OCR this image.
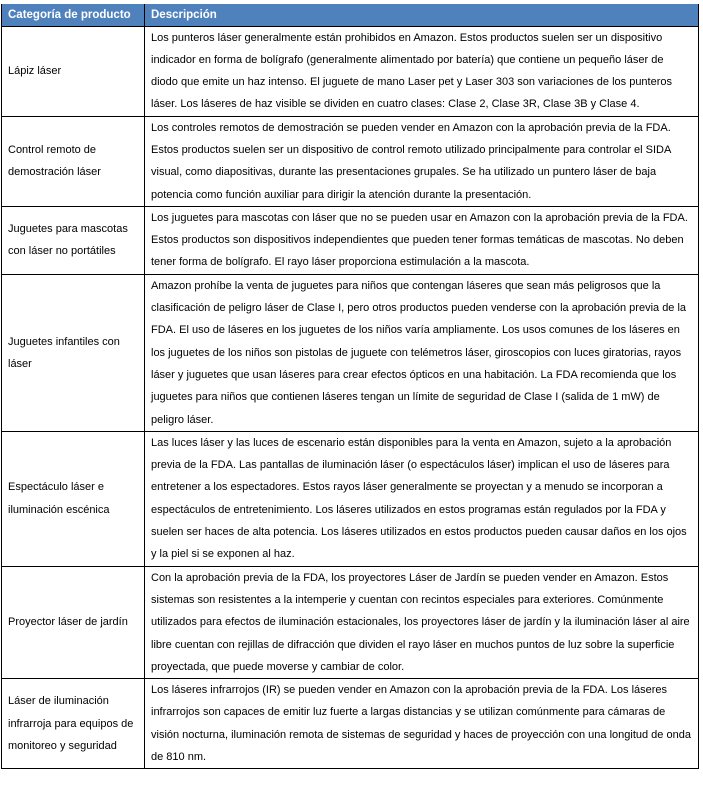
Categoría de producto	Descripción
Lápiz láser	Los punteros láser generalmente están prohibidos en Amazon. Estos productos suelen ser un dispositivo indicador en forma de bolígrafo (generalmente alimentado por batería) que contiene un pequeño láser de diodo que emite un haz intenso. El juguete de mano Laser pet y Laser 303 son variaciones de los punteros láser. Los láseres de haz visible se dividen en cuatro clases: Clase 2, Clase 3R, Clase 3B y Clase 4.
Control remoto de demostración láser	Los controles remotos de demostración se pueden vender en Amazon con la aprobación previa de la FDA. Estos productos suelen ser un dispositivo de control remoto utilizado principalmente para controlar el SIDA visual, como diapositivas, durante las presentaciones grupales. Se ha utilizado un puntero láser de baja potencia como función auxiliar para dirigir la atención durante la presentación.
Juguetes para mascotas con láser no portátiles	Los juguetes para mascotas con láser que no se pueden usar en Amazon con la aprobación previa de la FDA. Estos productos son dispositivos independientes que pueden tener formas temáticas de mascotas. No deben tener forma de bolígrafo. El rayo láser proporciona estimulación a la mascota.
Juguetes infantiles con láser	Amazon prohíbe la venta de juguetes para niños que contengan láseres que sean más peligrosos que la clasificación de peligro láser de Clase I, pero otros productos pueden venderse con la aprobación previa de la FDA. El uso de láseres en los juguetes de los niños varía ampliamente. Los usos comunes de los láseres en los juguetes de los niños son pistolas de juguete con telémetros láser, giroscopios con luces giratorias, rayos láser y juguetes que usan láseres para crear efectos ópticos en una habitación. La FDA recomienda que los juguetes para niños que contienen láseres tengan un límite de seguridad de Clase I (salida de 1 mW) de peligro láser.
Espectáculo láser e iluminación escénica	Las luces láser y las luces de escenario están disponibles para la venta en Amazon, sujeto a la aprobación previa de la FDA. Las pantallas de iluminación láser (o espectáculos láser) implican el uso de láseres para entretener a los espectadores. Estos rayos láser generalmente se proyectan y a menudo se incorporan a espectáculos de entretenimiento. Los láseres utilizados en estos programas están regulados por la FDA y suelen ser haces de alta potencia. Los láseres utilizados en estos productos pueden causar daños en los ojos y la piel si se exponen al haz.
Proyector láser de jardín	Con la aprobación previa de la FDA, los proyectores Láser de Jardín se pueden vender en Amazon. Estos sistemas son resistentes a la intemperie y cuentan con recintos especiales para exteriores. Comúnmente utilizados para efectos de iluminación estacionales, los proyectores láser de jardín y la iluminación láser al aire libre cuentan con rejillas de difracción que dividen el rayo láser en muchos puntos de luz sobre la superficie proyectada, que puede moverse y cambiar de color.
Láser de iluminación infrarroja para equipos de monitoreo y seguridad	Los láseres infrarrojos (IR) se pueden vender en Amazon con la aprobación previa de la FDA. Los láseres infrarrojos son capaces de emitir luz fuerte a largas distancias y se utilizan comúnmente para cámaras de visión nocturna, iluminación remota de sistemas de seguridad y haces de proyección con una longitud de onda de 810 nm.
